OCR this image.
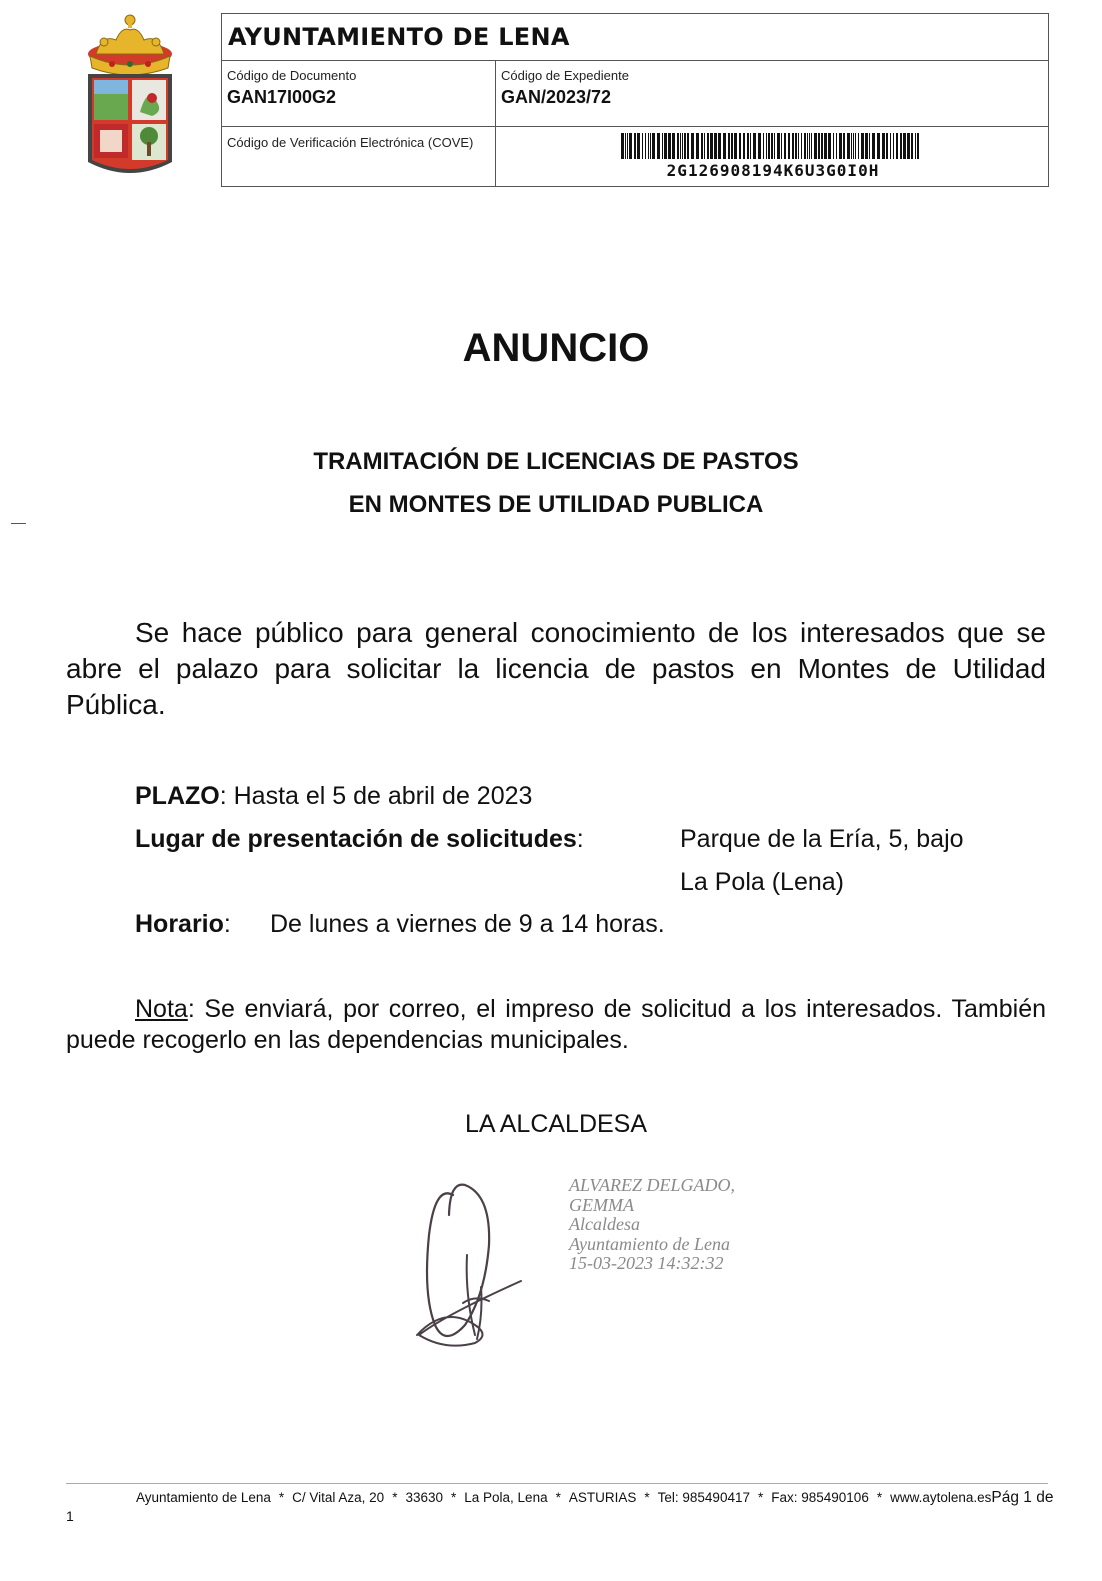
AYUNTAMIENTO DE LENA
Código de Documento
GAN17I00G2
Código de Expediente
GAN/2023/72
Código de Verificación Electrónica (COVE)
2G126908194K6U3G0I0H
ANUNCIO
TRAMITACIÓN DE LICENCIAS DE PASTOS
EN MONTES DE UTILIDAD PUBLICA
Se hace público para general conocimiento de los interesados que se abre el palazo para solicitar la licencia de pastos en Montes de Utilidad Pública.
PLAZO: Hasta el 5 de abril de 2023
Lugar de presentación de solicitudes:	Parque de la Ería, 5, bajo
La Pola (Lena)
Horario: De lunes a viernes de 9 a 14 horas.
Nota: Se enviará, por correo, el impreso de solicitud a los interesados. También puede recogerlo en las dependencias municipales.
LA ALCALDESA
ALVAREZ DELGADO,
GEMMA
Alcaldesa
Ayuntamiento de Lena
15-03-2023 14:32:32
Ayuntamiento de Lena * C/ Vital Aza, 20 * 33630 * La Pola, Lena * ASTURIAS * Tel: 985490417 * Fax: 985490106 * www.aytolena.esPág 1 de
1
